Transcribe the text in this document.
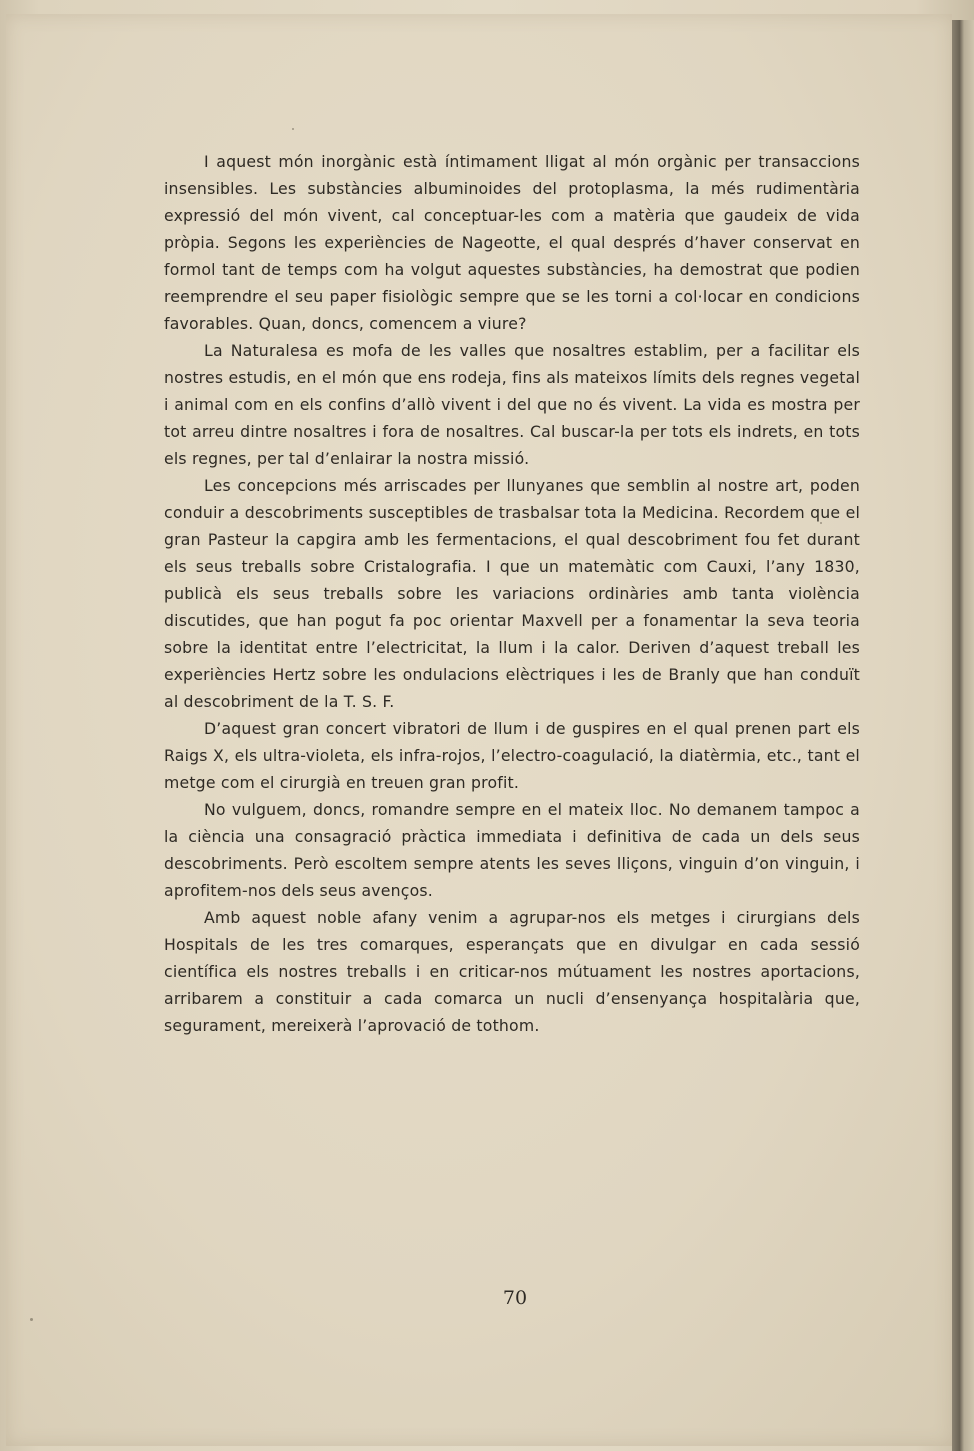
I aquest món inorgànic està íntimament lligat al món orgànic per transaccions insensibles. Les substàncies albuminoides del protoplasma, la més rudimentària expressió del món vivent, cal conceptuar-les com a matèria que gaudeix de vida pròpia. Segons les experiències de Nageotte, el qual després d’haver conservat en formol tant de temps com ha volgut aquestes substàncies, ha demostrat que podien reemprendre el seu paper fisiològic sempre que se les torni a col·locar en condicions favorables. Quan, doncs, comencem a viure?

La Naturalesa es mofa de les valles que nosaltres establim, per a facilitar els nostres estudis, en el món que ens rodeja, fins als mateixos límits dels regnes vegetal i animal com en els confins d’allò vivent i del que no és vivent. La vida es mostra per tot arreu dintre nosaltres i fora de nosaltres. Cal buscar-la per tots els indrets, en tots els regnes, per tal d’enlairar la nostra missió.

Les concepcions més arriscades per llunyanes que semblin al nostre art, poden conduir a descobriments susceptibles de trasbalsar tota la Medicina. Recordem que el gran Pasteur la capgira amb les fermentacions, el qual descobriment fou fet durant els seus treballs sobre Cristalografia. I que un matemàtic com Cauxi, l’any 1830, publicà els seus treballs sobre les variacions ordinàries amb tanta violència discutides, que han pogut fa poc orientar Maxvell per a fonamentar la seva teoria sobre la identitat entre l’electricitat, la llum i la calor. Deriven d’aquest treball les experiències Hertz sobre les ondulacions elèctriques i les de Branly que han conduït al descobriment de la T. S. F.

D’aquest gran concert vibratori de llum i de guspires en el qual prenen part els Raigs X, els ultra-violeta, els infra-rojos, l’electro-coagulació, la diatèrmia, etc., tant el metge com el cirurgià en treuen gran profit.

No vulguem, doncs, romandre sempre en el mateix lloc. No demanem tampoc a la ciència una consagració pràctica immediata i definitiva de cada un dels seus descobriments. Però escoltem sempre atents les seves lliçons, vinguin d’on vinguin, i aprofitem-nos dels seus avenços.

Amb aquest noble afany venim a agrupar-nos els metges i cirurgians dels Hospitals de les tres comarques, esperançats que en divulgar en cada sessió científica els nostres treballs i en criticar-nos mútuament les nostres aportacions, arribarem a constituir a cada comarca un nucli d’ensenyança hospitalària que, segurament, mereixerà l’aprovació de tothom.

70
